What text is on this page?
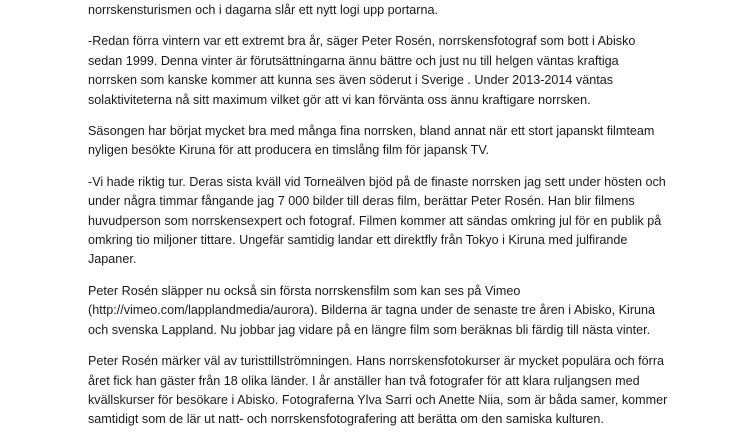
norrskensturismen och i dagarna slår ett nytt logi upp portarna.

-Redan förra vintern var ett extremt bra år, säger Peter Rosén, norrskensfotograf som bott i Abisko
sedan 1999. Denna vinter är förutsättningarna ännu bättre och just nu till helgen väntas kraftiga
norrsken som kanske kommer att kunna ses även söderut i Sverige . Under 2013-2014 väntas
solaktiviteterna nå sitt maximum vilket gör att vi kan förvänta oss ännu kraftigare norrsken.

Säsongen har börjat mycket bra med många fina norrsken, bland annat när ett stort japanskt filmteam
nyligen besökte Kiruna för att producera en timslång film för japansk TV.

-Vi hade riktig tur. Deras sista kväll vid Torneälven bjöd på de finaste norrsken jag sett under hösten och
under några timmar fångande jag 7 000 bilder till deras film, berättar Peter Rosén. Han blir filmens
huvudperson som norrskensexpert och fotograf. Filmen kommer att sändas omkring jul för en publik på
omkring tio miljoner tittare. Ungefär samtidig landar ett direktfly från Tokyo i Kiruna med julfirande
Japaner.

Peter Rosén släpper nu också sin första norrskensfilm som kan ses på Vimeo
(http://vimeo.com/lapplandmedia/aurora). Bilderna är tagna under de senaste tre åren i Abisko, Kiruna
och svenska Lappland. Nu jobbar jag vidare på en längre film som beräknas bli färdig till nästa vinter.

Peter Rosén märker väl av turisttillströmningen. Hans norrskensfotokurser är mycket populära och förra
året fick han gäster från 18 olika länder. I år anställer han två fotografer för att klara ruljangsen med
kvällskurser för besökare i Abisko. Fotograferna Ylva Sarri och Anette Niia, som är båda samer, kommer
samtidigt som de lär ut natt- och norrskensfotografering att berätta om den samiska kulturen.
